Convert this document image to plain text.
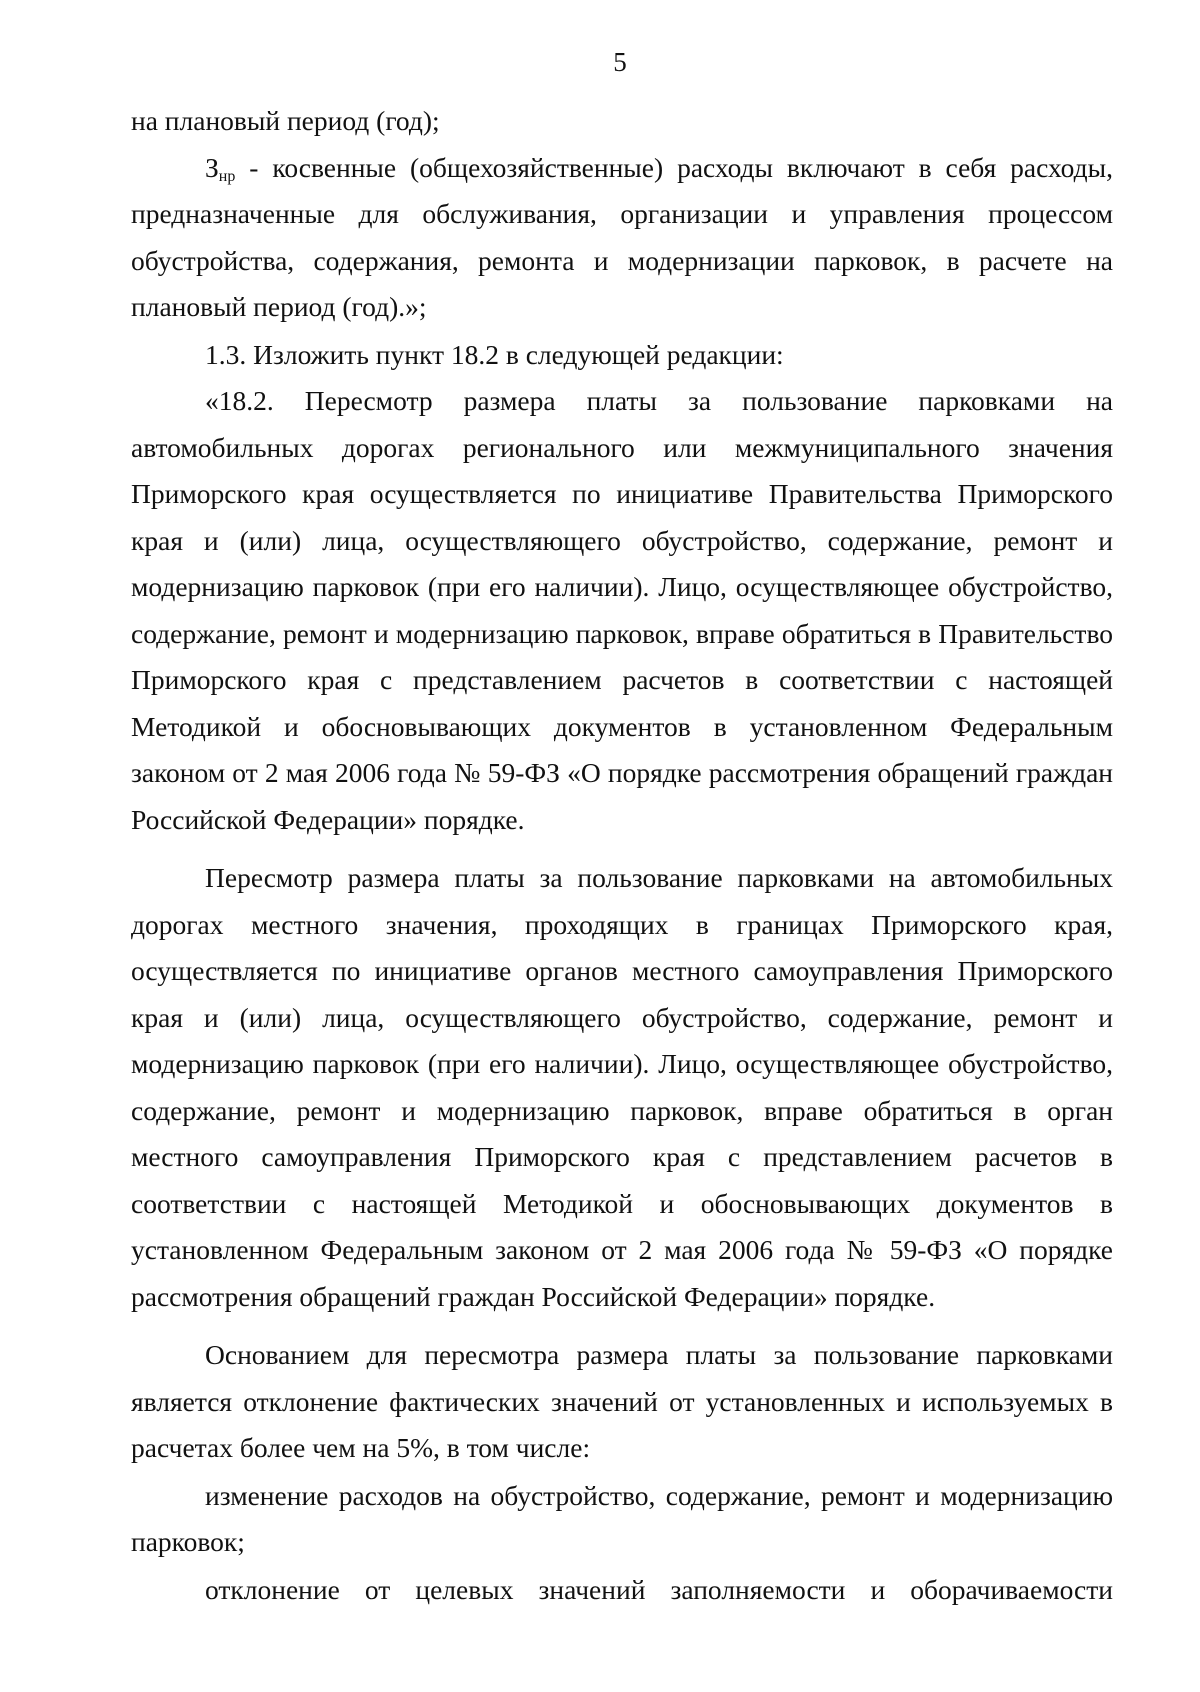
5

на плановый период (год);

$З_{нр}$ - косвенные (общехозяйственные) расходы включают в себя расходы, предназначенные для обслуживания, организации и управления процессом обустройства, содержания, ремонта и модернизации парковок, в расчете на плановый период (год).»;

1.3. Изложить пункт 18.2 в следующей редакции:

«18.2. Пересмотр размера платы за пользование парковками на автомобильных дорогах регионального или межмуниципального значения Приморского края осуществляется по инициативе Правительства Приморского края и (или) лица, осуществляющего обустройство, содержание, ремонт и модернизацию парковок (при его наличии). Лицо, осуществляющее обустройство, содержание, ремонт и модернизацию парковок, вправе обратиться в Правительство Приморского края с представлением расчетов в соответствии с настоящей Методикой и обосновывающих документов в установленном Федеральным законом от 2 мая 2006 года № 59-ФЗ «О порядке рассмотрения обращений граждан Российской Федерации» порядке.

Пересмотр размера платы за пользование парковками на автомобильных дорогах местного значения, проходящих в границах Приморского края, осуществляется по инициативе органов местного самоуправления Приморского края и (или) лица, осуществляющего обустройство, содержание, ремонт и модернизацию парковок (при его наличии). Лицо, осуществляющее обустройство, содержание, ремонт и модернизацию парковок, вправе обратиться в орган местного самоуправления Приморского края с представлением расчетов в соответствии с настоящей Методикой и обосновывающих документов в установленном Федеральным законом от 2 мая 2006 года № 59-ФЗ «О порядке рассмотрения обращений граждан Российской Федерации» порядке.

Основанием для пересмотра размера платы за пользование парковками является отклонение фактических значений от установленных и используемых в расчетах более чем на 5%, в том числе:

изменение расходов на обустройство, содержание, ремонт и модернизацию парковок;

отклонение от целевых значений заполняемости и оборачиваемости
